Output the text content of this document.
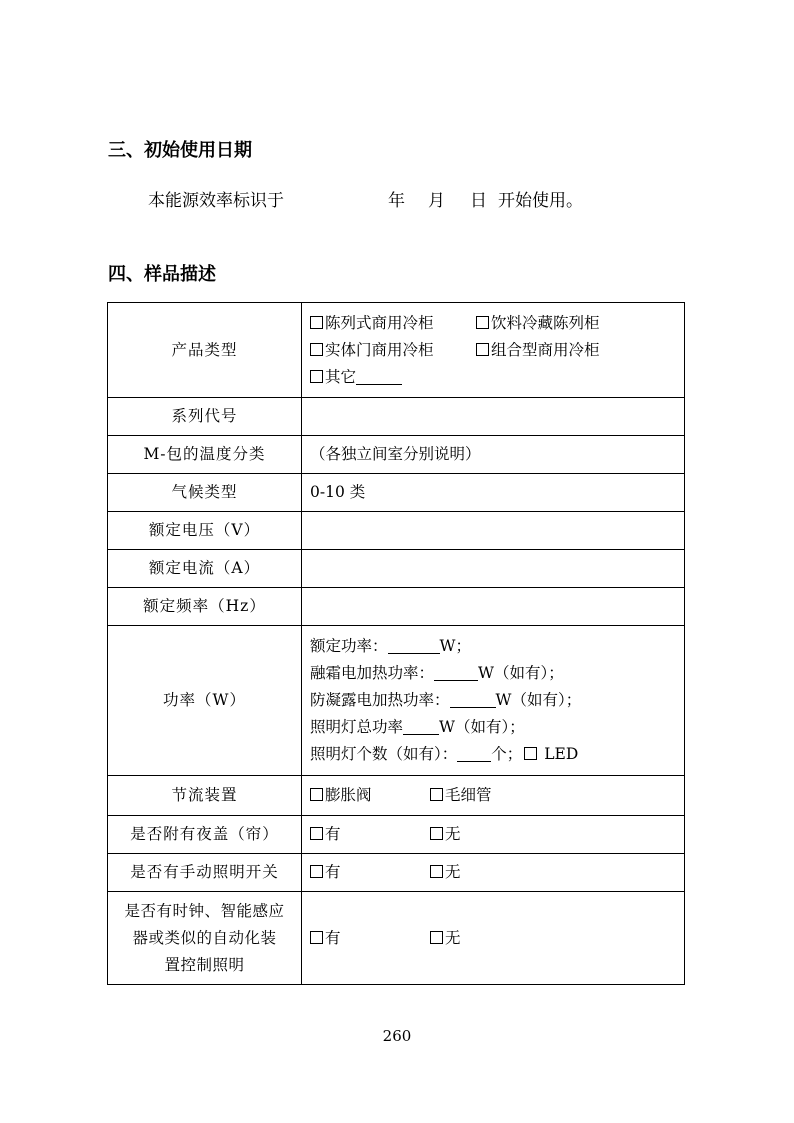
三、初始使用日期
本能源效率标识于	年 月 日 开始使用。
四、样品描述
产品类型	陈列式商用冷柜 饮料冷藏陈列柜
实体门商用冷柜 组合型商用冷柜
其它

系列代号	
M-包的温度分类	（各独立间室分别说明）
气候类型	0-10 类
额定电压（V）	
额定电流（A）	
额定频率（Hz）	
功率（W）	额定功率： W；
融霜电加热功率： W（如有）；
防凝露电加热功率： W（如有）；
照明灯总功率 W（如有）；
照明灯个数（如有）： 个； LED

节流装置	膨胀阀 毛细管
是否附有夜盖（帘）	有 无
是否有手动照明开关	有 无

是否有时钟、智能感应
器或类似的自动化装
置控制照明	有 无
260
